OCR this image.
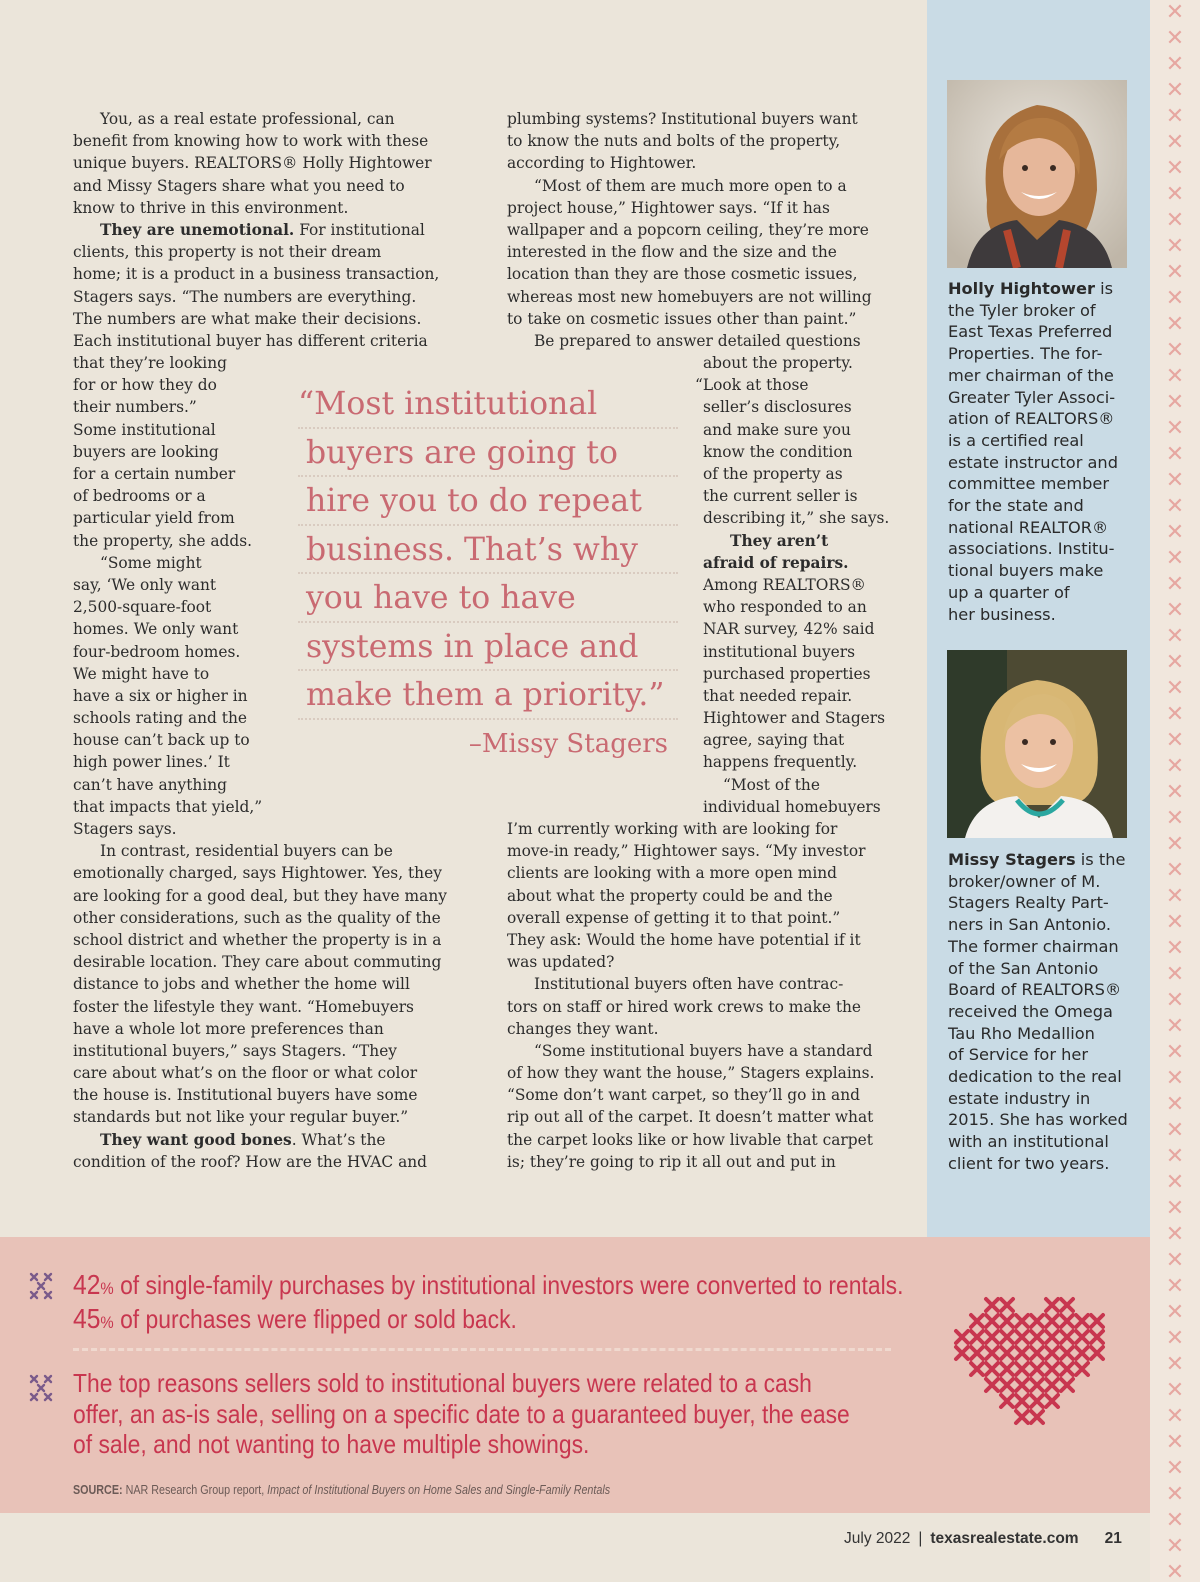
✕
✕
✕
✕
✕
✕
✕
✕
✕
✕
✕
✕
✕
✕
✕
✕
✕
✕
✕
✕
✕
✕
✕
✕
✕
✕
✕
✕
✕
✕
✕
✕
✕
✕
✕
✕
✕
✕
✕
✕
✕
✕
✕
✕
✕
✕
✕
✕
✕
✕
✕
✕
✕
✕
✕
✕
✕
✕
✕
✕
✕
Holly Hightower is
the Tyler broker of
East Texas Preferred
Properties. The for-
mer chairman of the
Greater Tyler Associ-
ation of REALTORS®
is a certified real
estate instructor and
committee member
for the state and
national REALTOR®
associations. Institu-
tional buyers make
up a quarter of
her business.
Missy Stagers is the
broker/owner of M.
Stagers Realty Part-
ners in San Antonio.
The former chairman
of the San Antonio
Board of REALTORS®
received the Omega
Tau Rho Medallion
of Service for her
dedication to the real
estate industry in
2015. She has worked
with an institutional
client for two years.
You, as a real estate professional, can
benefit from knowing how to work with these
unique buyers. REALTORS® Holly Hightower
and Missy Stagers share what you need to
know to thrive in this environment.
They are unemotional. For institutional
clients, this property is not their dream
home; it is a product in a business transaction,
Stagers says. “The numbers are everything.
The numbers are what make their decisions.
Each institutional buyer has different criteria
that they’re looking
for or how they do
their numbers.”
Some institutional
buyers are looking
for a certain number
of bedrooms or a
particular yield from
the property, she adds.
“Some might
say, ‘We only want
2,500-square-foot
homes. We only want
four-bedroom homes.
We might have to
have a six or higher in
schools rating and the
house can’t back up to
high power lines.’ It
can’t have anything
that impacts that yield,”
Stagers says.
In contrast, residential buyers can be
emotionally charged, says Hightower. Yes, they
are looking for a good deal, but they have many
other considerations, such as the quality of the
school district and whether the property is in a
desirable location. They care about commuting
distance to jobs and whether the home will
foster the lifestyle they want. “Homebuyers
have a whole lot more preferences than
institutional buyers,” says Stagers. “They
care about what’s on the floor or what color
the house is. Institutional buyers have some
standards but not like your regular buyer.”
They want good bones. What’s the
condition of the roof? How are the HVAC and
plumbing systems? Institutional buyers want
to know the nuts and bolts of the property,
according to Hightower.
“Most of them are much more open to a
project house,” Hightower says. “If it has
wallpaper and a popcorn ceiling, they’re more
interested in the flow and the size and the
location than they are those cosmetic issues,
whereas most new homebuyers are not willing
to take on cosmetic issues other than paint.”
Be prepared to answer detailed questions
about the property.
“Look at those
seller’s disclosures
and make sure you
know the condition
of the property as
the current seller is
describing it,” she says.
They aren’t
afraid of repairs.
Among REALTORS®
who responded to an
NAR survey, 42% said
institutional buyers
purchased properties
that needed repair.
Hightower and Stagers
agree, saying that
happens frequently.
“Most of the
individual homebuyers
I’m currently working with are looking for
move-in ready,” Hightower says. “My investor
clients are looking with a more open mind
about what the property could be and the
overall expense of getting it to that point.”
They ask: Would the home have potential if it
was updated?
Institutional buyers often have contrac-
tors on staff or hired work crews to make the
changes they want.
“Some institutional buyers have a standard
of how they want the house,” Stagers explains.
“Some don’t want carpet, so they’ll go in and
rip out all of the carpet. It doesn’t matter what
the carpet looks like or how livable that carpet
is; they’re going to rip it all out and put in
“Most institutional
buyers are going to
hire you to do repeat
business. That’s why
you have to have
systems in place and
make them a priority.”
–Missy Stagers
42% of single-family purchases by institutional investors were converted to rentals.
45% of purchases were flipped or sold back.
The top reasons sellers sold to institutional buyers were related to a cash
offer, an as-is sale, selling on a specific date to a guaranteed buyer, the ease
of sale, and not wanting to have multiple showings.
SOURCE: NAR Research Group report, Impact of Institutional Buyers on Home Sales and Single-Family Rentals
July 2022 | texasrealestate.com 21
